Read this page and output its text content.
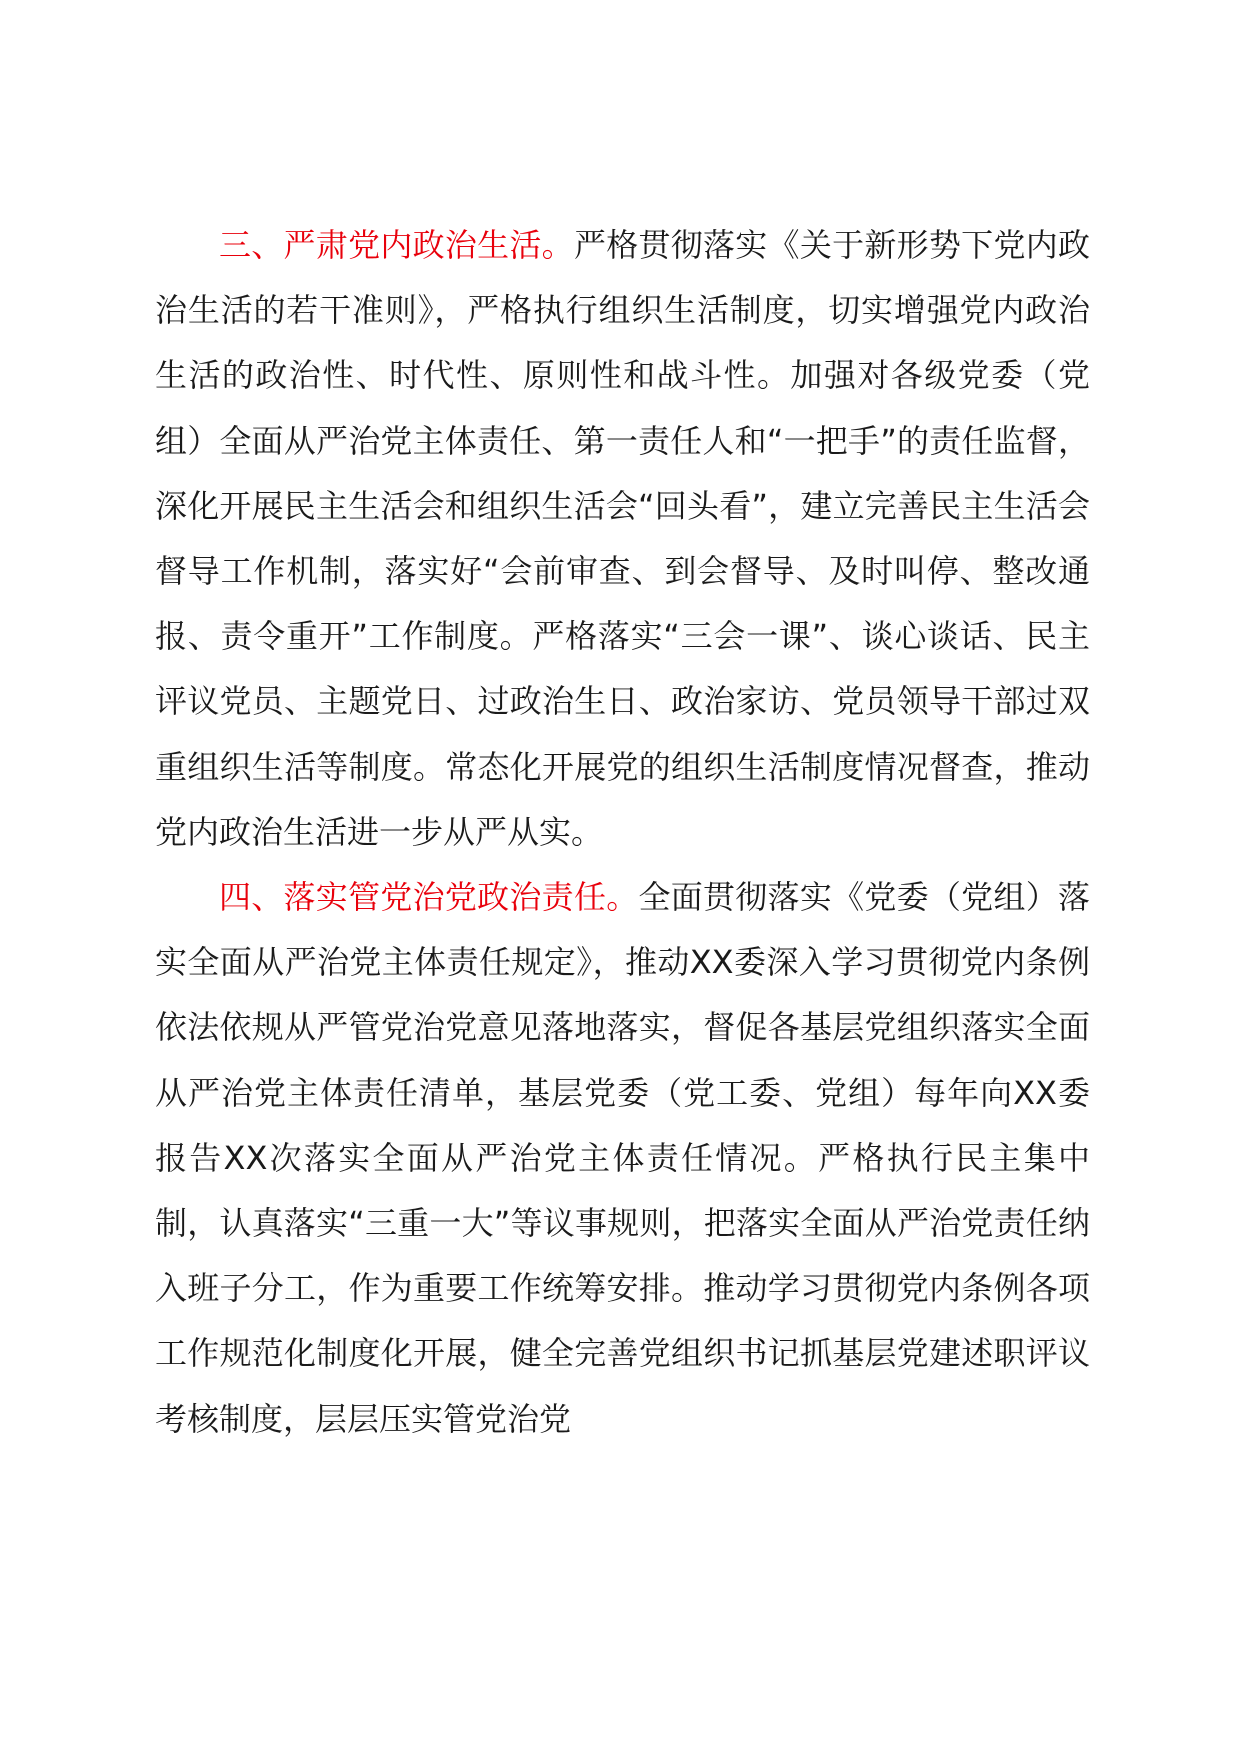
三、严肃党内政治生活。严格贯彻落实《关于新形势下党内政治生活的若干准则》，严格执行组织生活制度，切实增强党内政治生活的政治性、时代性、原则性和战斗性。加强对各级党委（党组）全面从严治党主体责任、第一责任人和“一把手”的责任监督，深化开展民主生活会和组织生活会“回头看”，建立完善民主生活会督导工作机制，落实好“会前审查、到会督导、及时叫停、整改通报、责令重开”工作制度。严格落实“三会一课”、谈心谈话、民主评议党员、主题党日、过政治生日、政治家访、党员领导干部过双重组织生活等制度。常态化开展党的组织生活制度情况督查，推动党内政治生活进一步从严从实。

四、落实管党治党政治责任。全面贯彻落实《党委（党组）落实全面从严治党主体责任规定》，推动XX委深入学习贯彻党内条例依法依规从严管党治党意见落地落实，督促各基层党组织落实全面从严治党主体责任清单，基层党委（党工委、党组）每年向XX委报告XX次落实全面从严治党主体责任情况。严格执行民主集中制，认真落实“三重一大”等议事规则，把落实全面从严治党责任纳入班子分工，作为重要工作统筹安排。推动学习贯彻党内条例各项工作规范化制度化开展，健全完善党组织书记抓基层党建述职评议考核制度，层层压实管党治党
